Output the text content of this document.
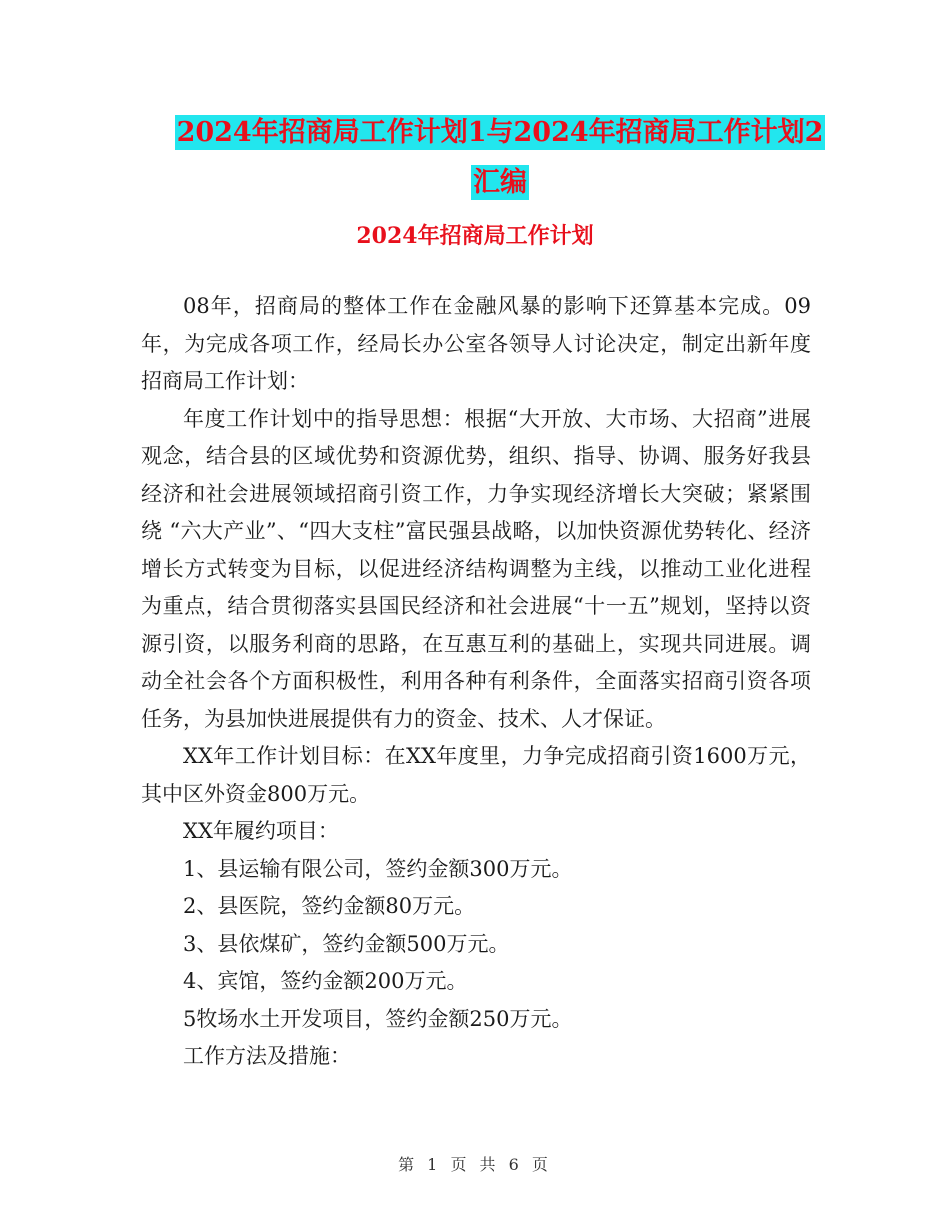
2024年招商局工作计划1与2024年招商局工作计划2
汇编
2024年招商局工作计划

08年，招商局的整体工作在金融风暴的影响下还算基本完成。09年，为完成各项工作，经局长办公室各领导人讨论决定，制定出新年度招商局工作计划：

年度工作计划中的指导思想：根据“大开放、大市场、大招商”进展观念，结合县的区域优势和资源优势，组织、指导、协调、服务好我县经济和社会进展领域招商引资工作，力争实现经济增长大突破；紧紧围绕 “六大产业”、“四大支柱”富民强县战略，以加快资源优势转化、经济增长方式转变为目标，以促进经济结构调整为主线，以推动工业化进程为重点，结合贯彻落实县国民经济和社会进展“十一五”规划，坚持以资源引资，以服务利商的思路，在互惠互利的基础上，实现共同进展。调动全社会各个方面积极性，利用各种有利条件，全面落实招商引资各项任务，为县加快进展提供有力的资金、技术、人才保证。

XX年工作计划目标：在XX年度里，力争完成招商引资1600万元，其中区外资金800万元。

XX年履约项目：

1、县运输有限公司，签约金额300万元。

2、县医院，签约金额80万元。

3、县依煤矿，签约金额500万元。

4、宾馆，签约金额200万元。

5牧场水土开发项目，签约金额250万元。

工作方法及措施：

第 1 页 共 6 页
